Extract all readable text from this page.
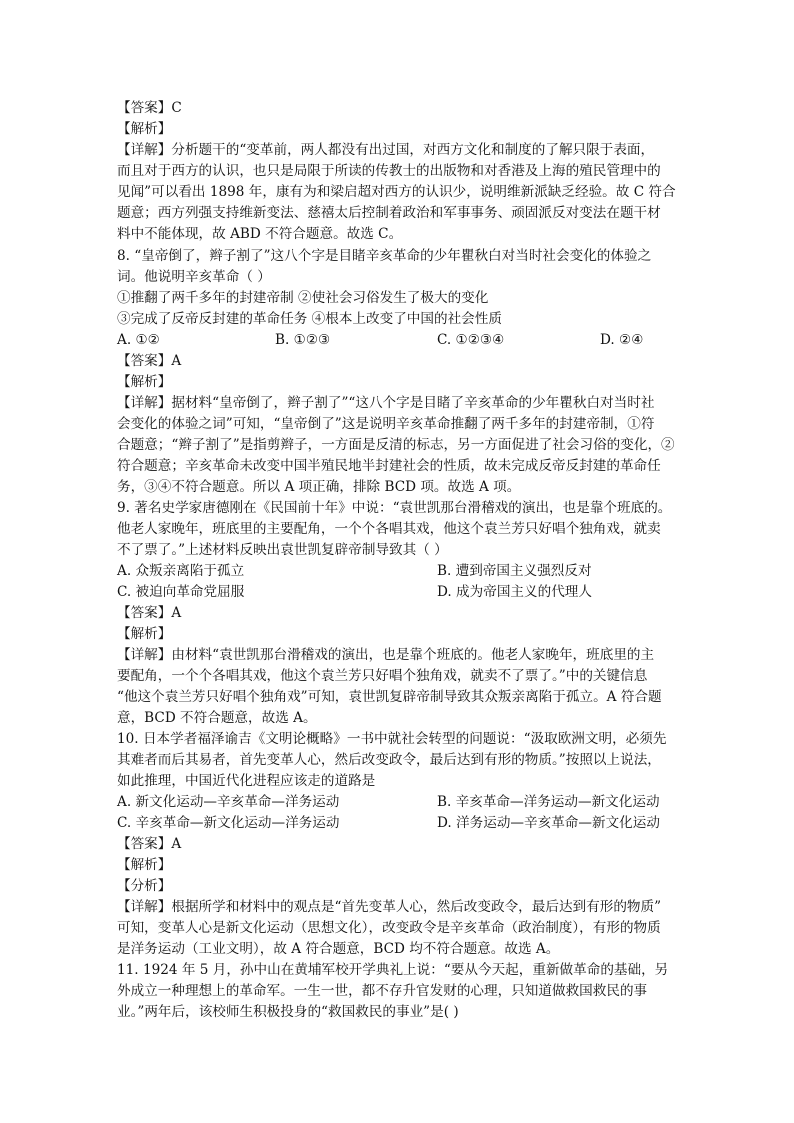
【答案】C
【解析】
【详解】分析题干的“变革前，两人都没有出过国，对西方文化和制度的了解只限于表面，
而且对于西方的认识，也只是局限于所读的传教士的出版物和对香港及上海的殖民管理中的
见闻”可以看出 1898 年，康有为和梁启超对西方的认识少，说明维新派缺乏经验。故 C 符合
题意；西方列强支持维新变法、慈禧太后控制着政治和军事事务、顽固派反对变法在题干材
料中不能体现，故 ABD 不符合题意。故选 C。
8. “皇帝倒了，辫子割了”这八个字是目睹辛亥革命的少年瞿秋白对当时社会变化的体验之
词。他说明辛亥革命（ ）
①推翻了两千多年的封建帝制 ②使社会习俗发生了极大的变化
③完成了反帝反封建的革命任务 ④根本上改变了中国的社会性质
A. ①②	B. ①②③	C. ①②③④	D. ②④
【答案】A
【解析】
【详解】据材料“皇帝倒了，辫子割了”“这八个字是目睹了辛亥革命的少年瞿秋白对当时社
会变化的体验之词”可知，“皇帝倒了”这是说明辛亥革命推翻了两千多年的封建帝制，①符
合题意；“辫子割了”是指剪辫子，一方面是反清的标志，另一方面促进了社会习俗的变化，②
符合题意；辛亥革命未改变中国半殖民地半封建社会的性质，故未完成反帝反封建的革命任
务，③④不符合题意。所以 A 项正确，排除 BCD 项。故选 A 项。
9. 著名史学家唐德刚在《民国前十年》中说：“袁世凯那台滑稽戏的演出，也是靠个班底的。
他老人家晚年，班底里的主要配角，一个个各唱其戏，他这个袁兰芳只好唱个独角戏，就卖
不了票了。”上述材料反映出袁世凯复辟帝制导致其（ ）
A. 众叛亲离陷于孤立	B. 遭到帝国主义强烈反对
C. 被迫向革命党屈服	D. 成为帝国主义的代理人
【答案】A
【解析】
【详解】由材料“袁世凯那台滑稽戏的演出，也是靠个班底的。他老人家晚年，班底里的主
要配角，一个个各唱其戏，他这个袁兰芳只好唱个独角戏，就卖不了票了。”中的关键信息
“他这个袁兰芳只好唱个独角戏”可知，袁世凯复辟帝制导致其众叛亲离陷于孤立。A 符合题
意，BCD 不符合题意，故选 A。
10. 日本学者福泽谕吉《文明论概略》一书中就社会转型的问题说：“汲取欧洲文明，必须先
其难者而后其易者，首先变革人心，然后改变政令，最后达到有形的物质。”按照以上说法，
如此推理，中国近代化进程应该走的道路是
A. 新文化运动—辛亥革命—洋务运动	B. 辛亥革命—洋务运动—新文化运动
C. 辛亥革命—新文化运动—洋务运动	D. 洋务运动—辛亥革命—新文化运动
【答案】A
【解析】
【分析】
【详解】根据所学和材料中的观点是“首先变革人心，然后改变政令，最后达到有形的物质”
可知，变革人心是新文化运动（思想文化），改变政令是辛亥革命（政治制度），有形的物质
是洋务运动（工业文明），故 A 符合题意，BCD 均不符合题意。故选 A。
11. 1924 年 5 月，孙中山在黄埔军校开学典礼上说：“要从今天起，重新做革命的基础，另
外成立一种理想上的革命军。一生一世，都不存升官发财的心理，只知道做救国救民的事
业。”两年后，该校师生积极投身的“救国救民的事业”是( )
